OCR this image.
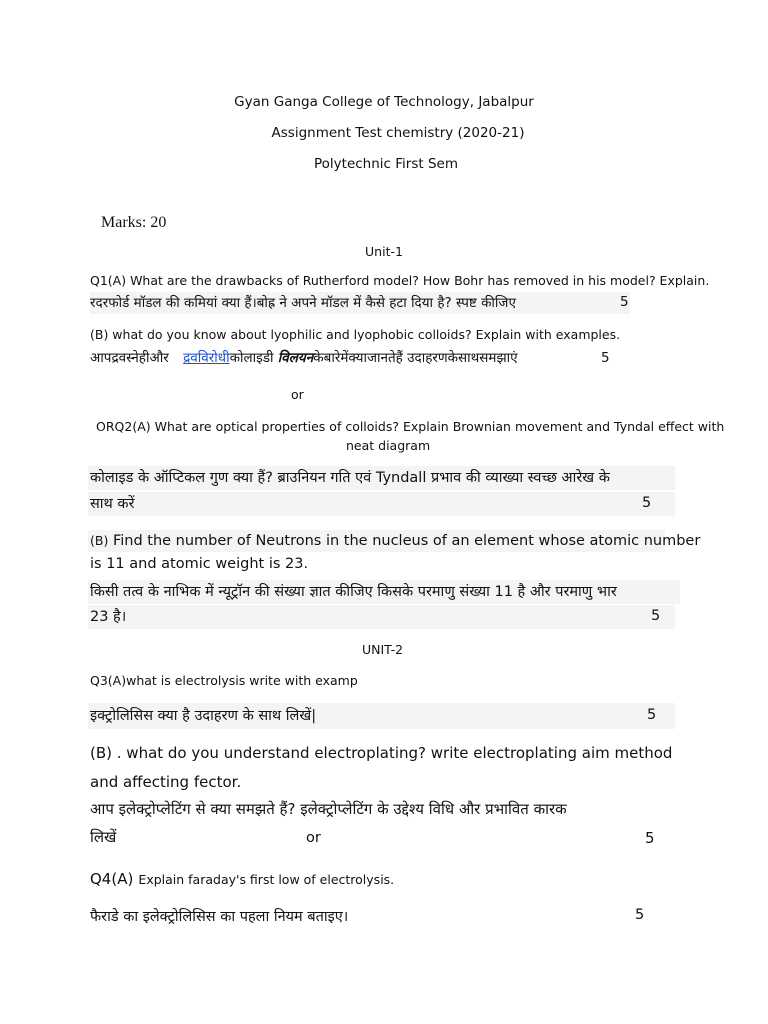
Gyan Ganga College of Technology, Jabalpur
Assignment Test chemistry (2020-21)
Polytechnic First Sem
Marks: 20
Unit-1
Q1(A) What are the drawbacks of Rutherford model? How Bohr has removed in his model? Explain.
रदरफोर्ड मॉडल की कमियां क्या हैं।बोह्र ने अपने मॉडल में कैसे हटा दिया है? स्पष्ट कीजिए	5
(B) what do you know about lyophilic and lyophobic colloids? Explain with examples.
आपद्रवस्नेहीऔर द्रवविरोधीकोलाइडी विलयनकेबारेमेंक्याजानतेहैं उदाहरणकेसाथसमझाएं	5
or
ORQ2(A) What are optical properties of colloids? Explain Brownian movement and Tyndal effect with
neat diagram
कोलाइड के ऑप्टिकल गुण क्या हैं? ब्राउनियन गति एवं Tyndall प्रभाव की व्याख्या स्वच्छ आरेख के
साथ करें	5
(B) Find the number of Neutrons in the nucleus of an element whose atomic number
is 11 and atomic weight is 23.
किसी तत्व के नाभिक में न्यूट्रॉन की संख्या ज्ञात कीजिए किसके परमाणु संख्या 11 है और परमाणु भार
23 है।	5
UNIT-2
Q3(A)what is electrolysis write with examp
इक्ट्रोलिसिस क्या है उदाहरण के साथ लिखें|	5
(B) . what do you understand electroplating? write electroplating aim method
and affecting fector.
आप इलेक्ट्रोप्लेटिंग से क्या समझते हैं? इलेक्ट्रोप्लेटिंग के उद्देश्य विधि और प्रभावित कारक
लिखें	or	5
Q4(A) Explain faraday's first low of electrolysis.
फैराडे का इलेक्ट्रोलिसिस का पहला नियम बताइए।	5
